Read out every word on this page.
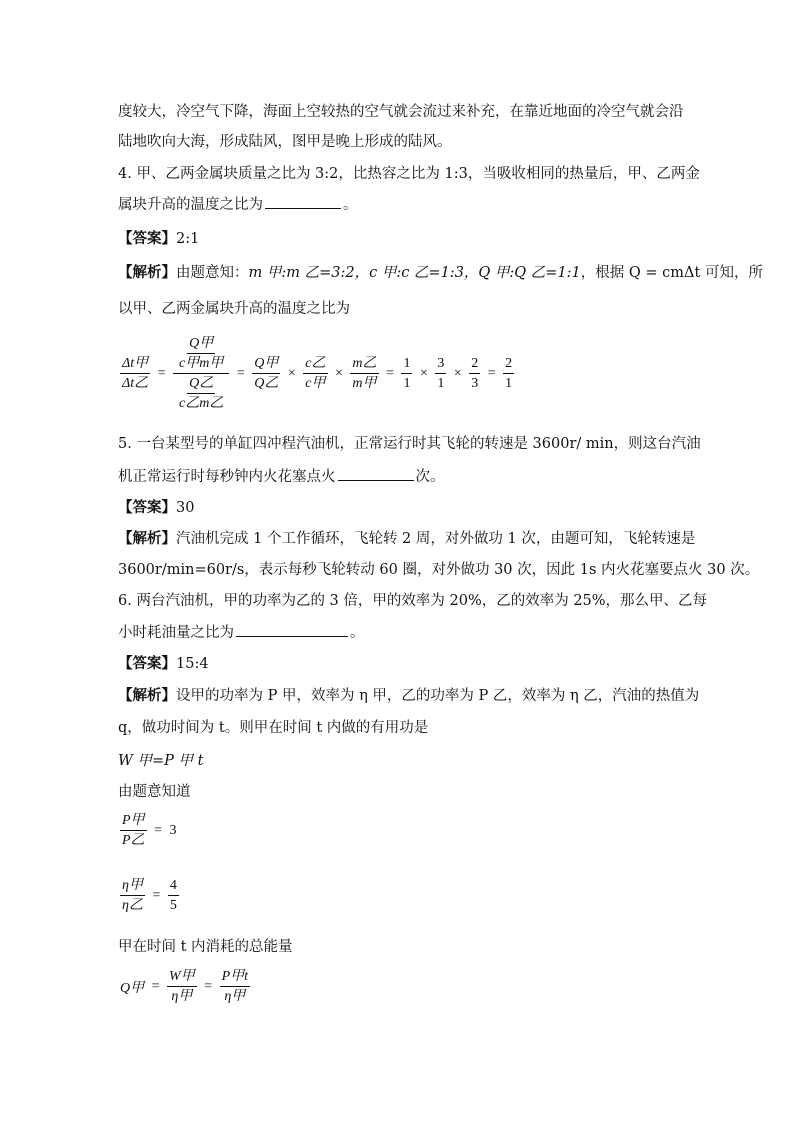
度较大，冷空气下降，海面上空较热的空气就会流过来补充，在靠近地面的冷空气就会沿
陆地吹向大海，形成陆风，图甲是晚上形成的陆风。
4. 甲、乙两金属块质量之比为 3:2，比热容之比为 1:3，当吸收相同的热量后，甲、乙两金
属块升高的温度之比为	。
【答案】2:1
【解析】由题意知：m 甲:m 乙=3:2，c 甲:c 乙=1:3，Q 甲:Q 乙=1:1，根据 Q = cmΔt 可知，所
以甲、乙两金属块升高的温度之比为
$\frac{\text{Δt甲}}{\text{Δt乙}} = \frac{\frac{\text{Q甲}}{\text{c甲m甲}}}{\frac{\text{Q乙}}{\text{c乙m乙}}} = \frac{\text{Q甲}}{\text{Q乙}} \times \frac{\text{c乙}}{\text{c甲}} \times \frac{\text{m乙}}{\text{m甲}} = \frac{1}{1} \times \frac{3}{1} \times \frac{2}{3} = \frac{2}{1}$
5. 一台某型号的单缸四冲程汽油机，正常运行时其飞轮的转速是 3600r/ min，则这台汽油
机正常运行时每秒钟内火花塞点火	次。
【答案】30
【解析】汽油机完成 1 个工作循环，飞轮转 2 周，对外做功 1 次，由题可知，飞轮转速是
3600r/min=60r/s，表示每秒飞轮转动 60 圈，对外做功 30 次，因此 1s 内火花塞要点火 30 次。
6. 两台汽油机，甲的功率为乙的 3 倍，甲的效率为 20%，乙的效率为 25%，那么甲、乙每
小时耗油量之比为	。
【答案】15:4
【解析】设甲的功率为 P 甲，效率为 η 甲，乙的功率为 P 乙，效率为 η 乙，汽油的热值为
q，做功时间为 t。则甲在时间 t 内做的有用功是
W 甲=P 甲 t
由题意知道
$\frac{\text{P甲}}{\text{P乙}} = 3$
$\frac{\text{η甲}}{\text{η乙}} = \frac{4}{5}$
甲在时间 t 内消耗的总能量
Q甲 = $\frac{\text{W甲}}{\text{η甲}} = \frac{\text{P甲t}}{\text{η甲}}$
